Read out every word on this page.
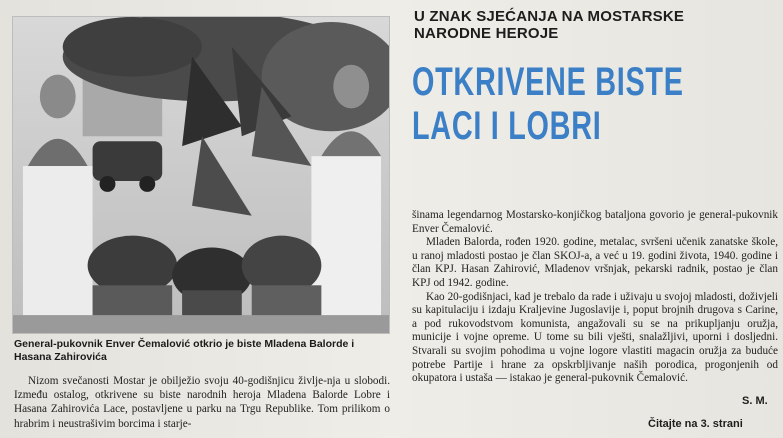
General-pukovnik Enver Čemalović otkrio je biste Mladena Balorde i Hasana Zahirovića

Nizom svečanosti Mostar je obilježio svoju 40-godišnjicu življe-nja u slobodi. Između ostalog, otkrivene su biste narodnih heroja Mladena Balorde Lobre i Hasana Zahirovića Lace, postavljene u parku na Trgu Republike. Tom prilikom o hrabrim i neustrašivim borcima i starje-

U ZNAK SJEĆANJA NA MOSTARSKE NARODNE HEROJE
OTKRIVENE BISTE
LACI I LOBRI

šinama legendarnog Mostarsko-konjičkog bataljona govorio je general-pukovnik Enver Čemalović.

Mladen Balorda, rođen 1920. godine, metalac, svršeni učenik zanatske škole, u ranoj mladosti postao je član SKOJ-a, a već u 19. godini života, 1940. godine i član KPJ. Hasan Zahirović, Mladenov vršnjak, pekarski radnik, postao je član KPJ od 1942. godine.

Kao 20-godišnjaci, kad je trebalo da rade i uživaju u svojoj mladosti, doživjeli su kapitulaciju i izdaju Kraljevine Jugoslavije i, poput brojnih drugova s Carine, a pod rukovodstvom komunista, angažovali su se na prikupljanju oružja, municije i vojne opreme. U tome su bili vješti, snalažljivi, uporni i dosljedni. Stvarali su svojim pohodima u vojne logore vlastiti magacin oružja za buduće potrebe Partije i hrane za opskrbljivanje naših porodica, progonjenih od okupatora i ustaša — istakao je general-pukovnik Čemalović.

S. M.
Čitajte na 3. strani
